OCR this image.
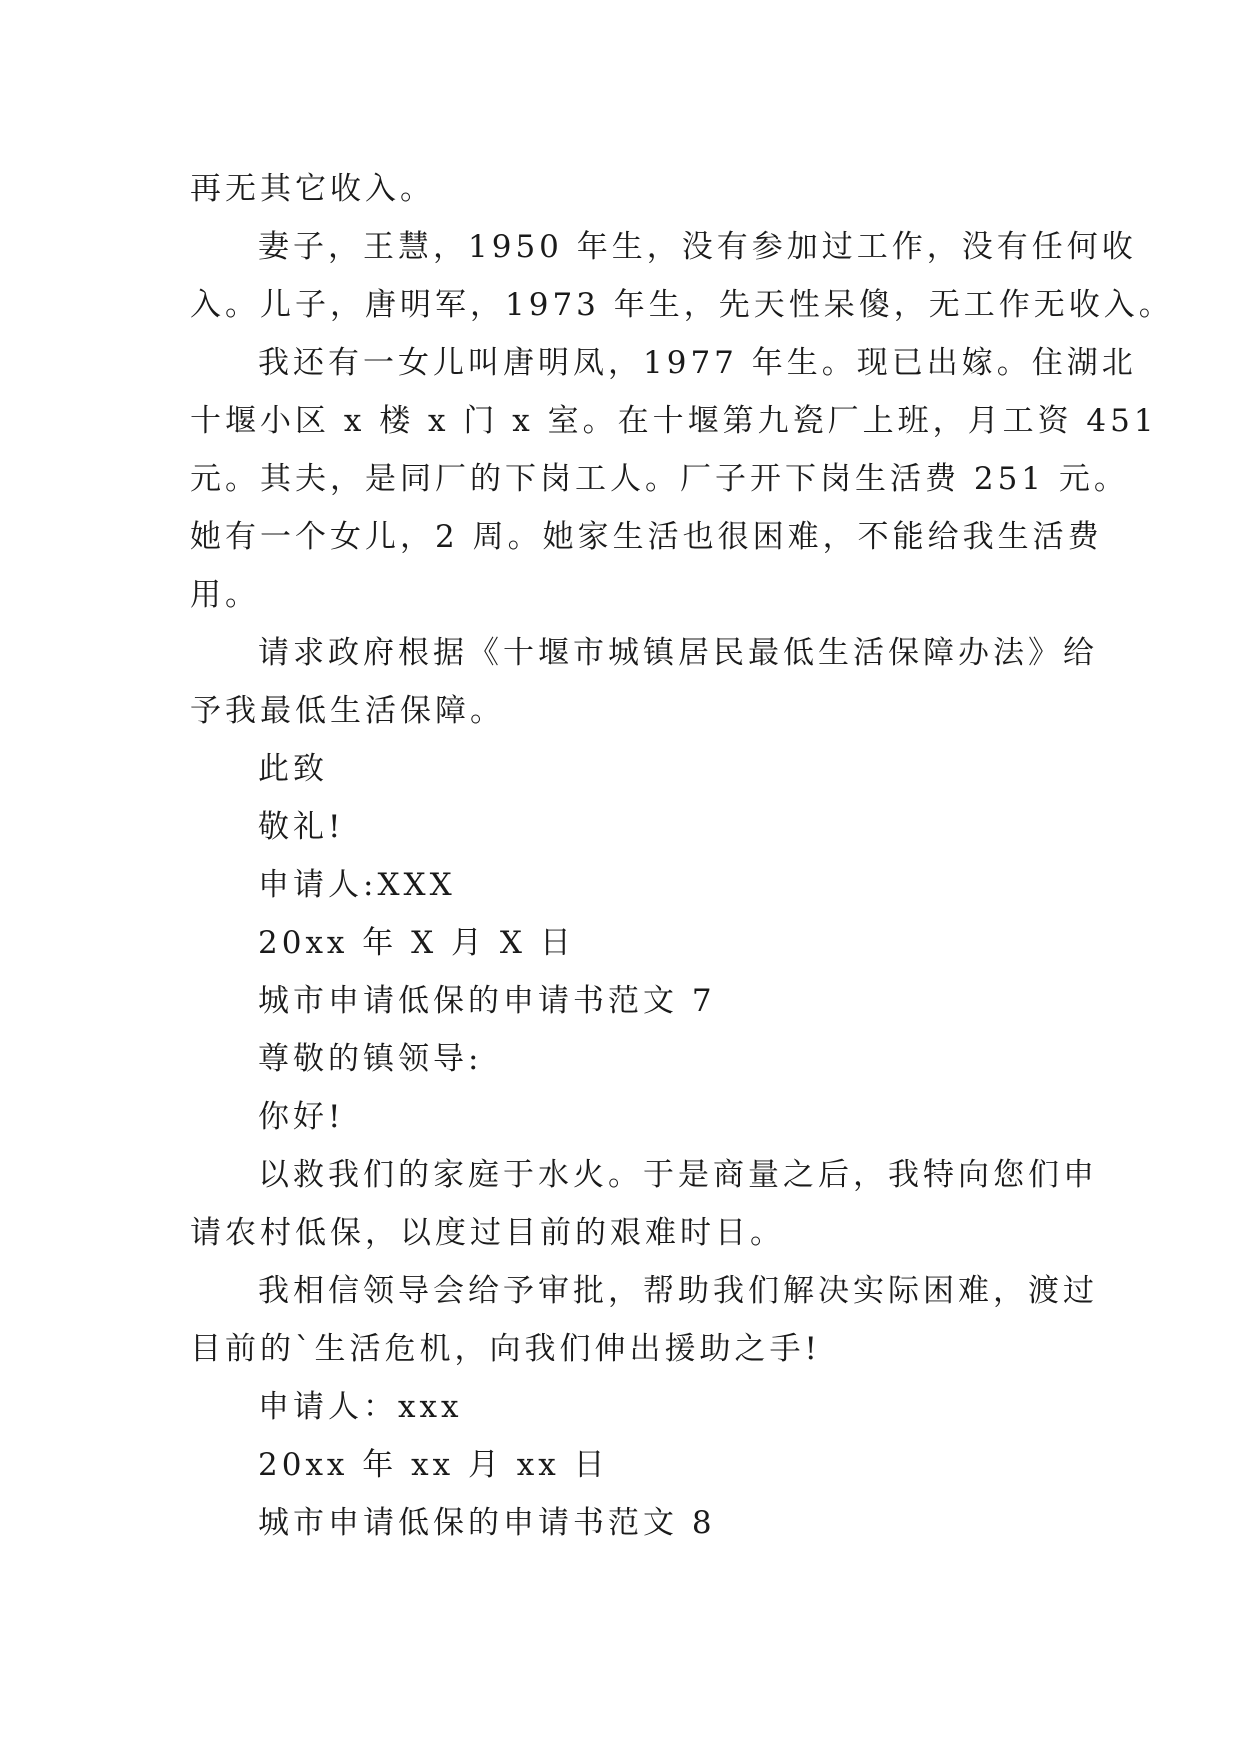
再无其它收入。
妻子，王慧，1950 年生，没有参加过工作，没有任何收
入。儿子，唐明军，1973 年生，先天性呆傻，无工作无收入。
我还有一女儿叫唐明凤，1977 年生。现已出嫁。住湖北
十堰小区 x 楼 x 门 x 室。在十堰第九瓷厂上班，月工资 451
元。其夫，是同厂的下岗工人。厂子开下岗生活费 251 元。
她有一个女儿，2 周。她家生活也很困难，不能给我生活费
用。
请求政府根据《十堰市城镇居民最低生活保障办法》给
予我最低生活保障。
此致
敬礼!
申请人:XXX
20xx 年 X 月 X 日
城市申请低保的申请书范文 7
尊敬的镇领导:
你好!
以救我们的家庭于水火。于是商量之后，我特向您们申
请农村低保，以度过目前的艰难时日。
我相信领导会给予审批，帮助我们解决实际困难，渡过
目前的`生活危机，向我们伸出援助之手!
申请人：xxx
20xx 年 xx 月 xx 日
城市申请低保的申请书范文 8
